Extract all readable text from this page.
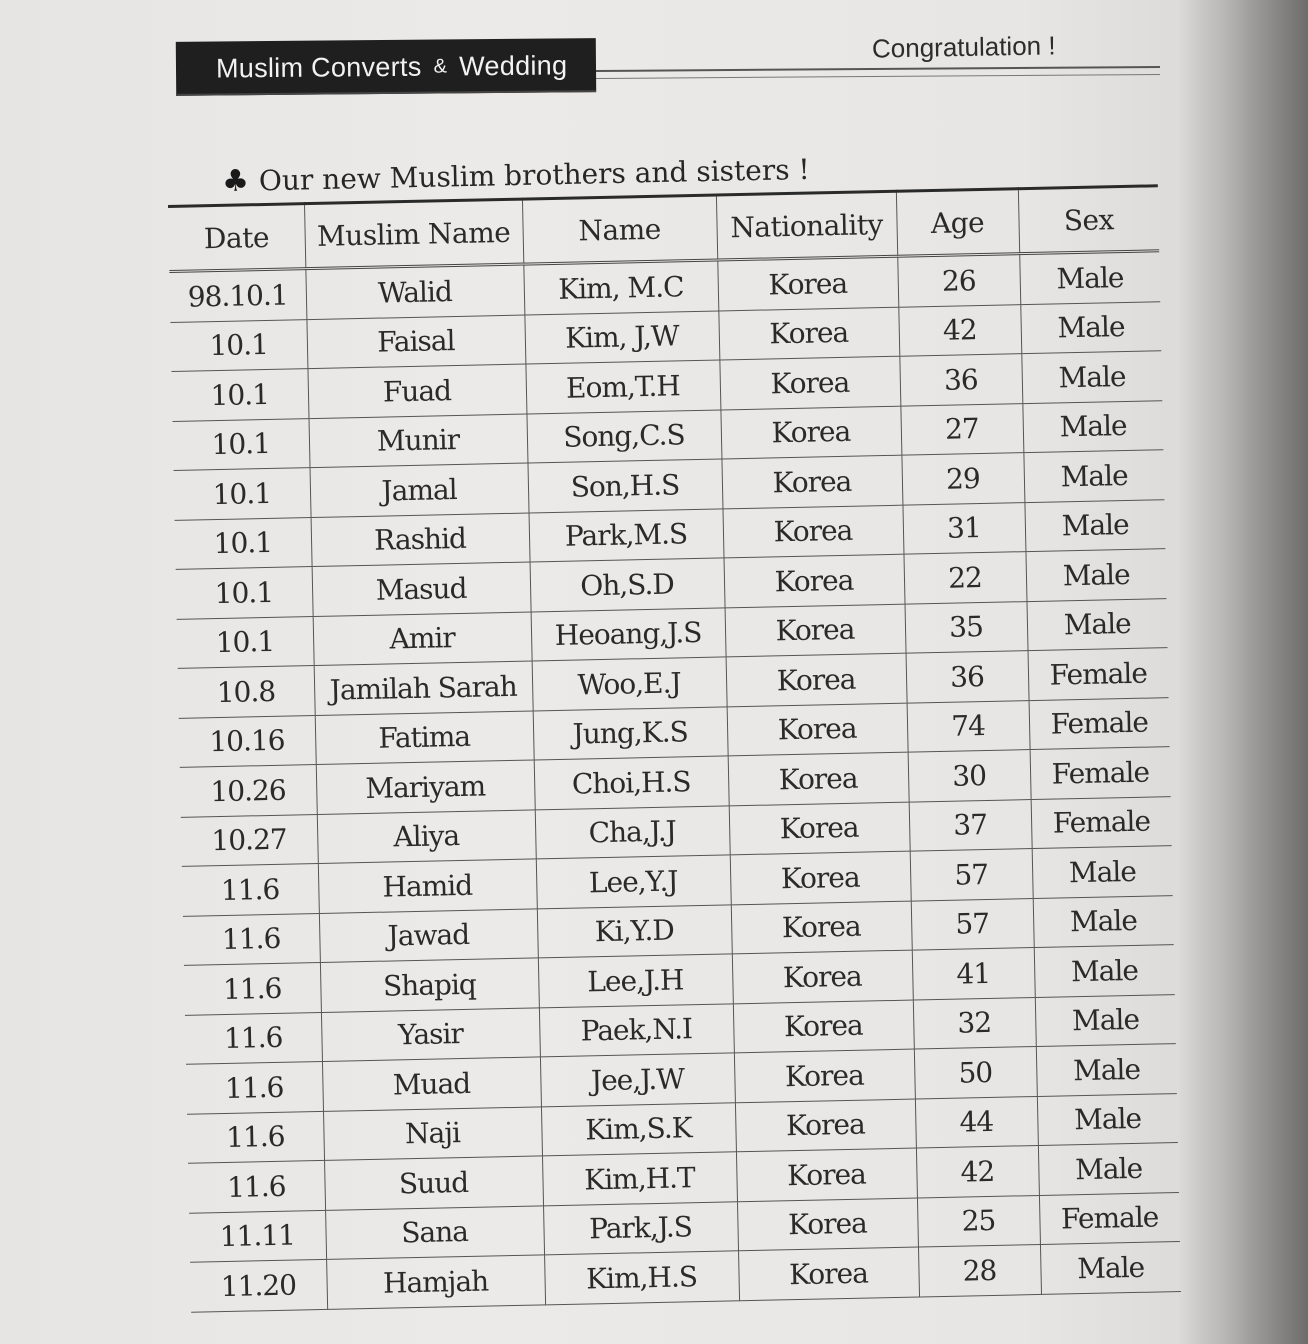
Muslim Converts & Wedding
Congratulation !
♣ Our new Muslim brothers and sisters !
Date	Muslim Name	Name	Nationality	Age	Sex
98.10.1	Walid	Kim, M.C	Korea	26	Male
10.1	Faisal	Kim, J,W	Korea	42	Male
10.1	Fuad	Eom,T.H	Korea	36	Male
10.1	Munir	Song,C.S	Korea	27	Male
10.1	Jamal	Son,H.S	Korea	29	Male
10.1	Rashid	Park,M.S	Korea	31	Male
10.1	Masud	Oh,S.D	Korea	22	Male
10.1	Amir	Heoang,J.S	Korea	35	Male
10.8	Jamilah Sarah	Woo,E.J	Korea	36	Female
10.16	Fatima	Jung,K.S	Korea	74	Female
10.26	Mariyam	Choi,H.S	Korea	30	Female
10.27	Aliya	Cha,J.J	Korea	37	Female
11.6	Hamid	Lee,Y.J	Korea	57	Male
11.6	Jawad	Ki,Y.D	Korea	57	Male
11.6	Shapiq	Lee,J.H	Korea	41	Male
11.6	Yasir	Paek,N.I	Korea	32	Male
11.6	Muad	Jee,J.W	Korea	50	Male
11.6	Naji	Kim,S.K	Korea	44	Male
11.6	Suud	Kim,H.T	Korea	42	Male
11.11	Sana	Park,J.S	Korea	25	Female
11.20	Hamjah	Kim,H.S	Korea	28	Male
